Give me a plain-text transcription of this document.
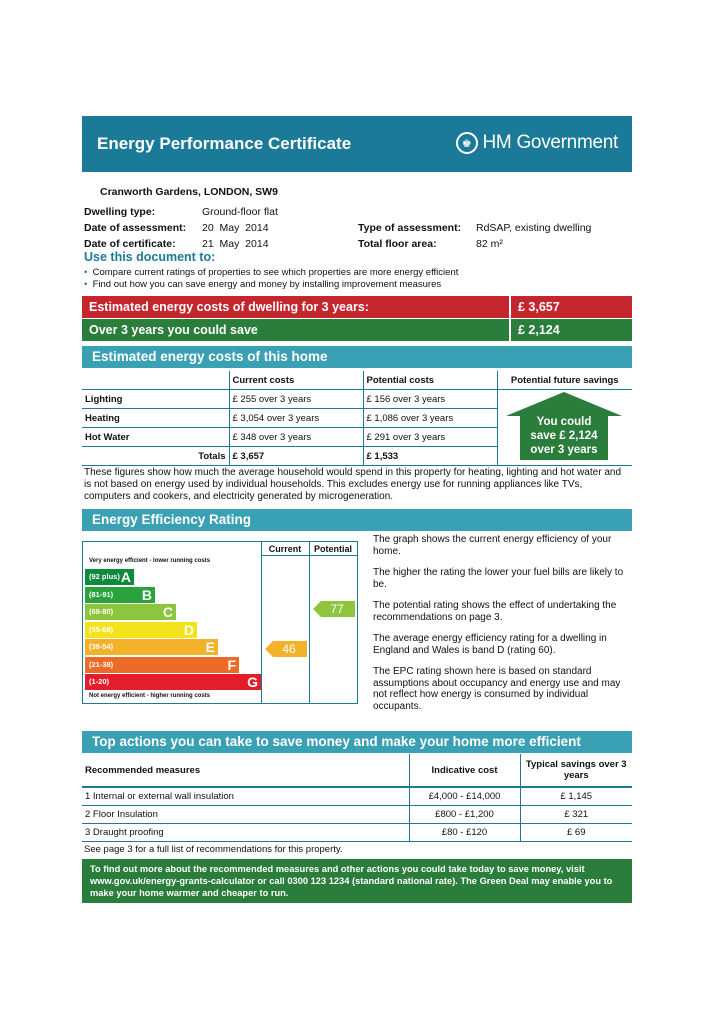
Energy Performance Certificate	♚ HM Government
Cranworth Gardens, LONDON, SW9
Dwelling type:	Ground-floor flat
Date of assessment: 20  May  2014
Date of certificate:	21  May  2014
Type of assessment: RdSAP, existing dwelling
Total floor area:	82 m²
Use this document to:
• Compare current ratings of properties to see which properties are more energy efficient
• Find out how you can save energy and money by installing improvement measures
Estimated energy costs of dwelling for 3 years:	£ 3,657
Over 3 years you could save	£ 2,124
Estimated energy costs of this home
	Current costs	Potential costs	Potential future savings
Lighting	£ 255 over 3 years	£ 156 over 3 years	
Heating	£ 3,054 over 3 years	£ 1,086 over 3 years	
Hot Water	£ 348 over 3 years	£ 291 over 3 years	
Totals	£ 3,657	£ 1,533	
You could
save £ 2,124
over 3 years
These figures show how much the average household would spend in this property for heating, lighting and hot water and is not based on energy used by individual households. This excludes energy use for running appliances like TVs, computers and cookers, and electricity generated by microgeneration.
Energy Efficiency Rating
Current	Potential
Very energy efficient - lower running costs
(92 plus) A
(81-91) B
(69-80)	C
(55-68)	D
(39-54)	E
(21-38)	F
(1-20)	G
Not energy efficient - higher running costs
46
77

The graph shows the current energy efficiency of your home.

The higher the rating the lower your fuel bills are likely to be.

The potential rating shows the effect of undertaking the recommendations on page 3.

The average energy efficiency rating for a dwelling in England and Wales is band D (rating 60).

The EPC rating shown here is based on standard assumptions about occupancy and energy use and may not reflect how energy is consumed by individual occupants.

Top actions you can take to save money and make your home more efficient
Recommended measures	Indicative cost	Typical savings over 3 years
1 Internal or external wall insulation	£4,000 - £14,000	£ 1,145
2 Floor Insulation	£800 - £1,200	£ 321
3 Draught proofing	£80 - £120	£ 69
See page 3 for a full list of recommendations for this property.
To find out more about the recommended measures and other actions you could take today to save money, visit www.gov.uk/energy-grants-calculator or call 0300 123 1234 (standard national rate). The Green Deal may enable you to make your home warmer and cheaper to run.
